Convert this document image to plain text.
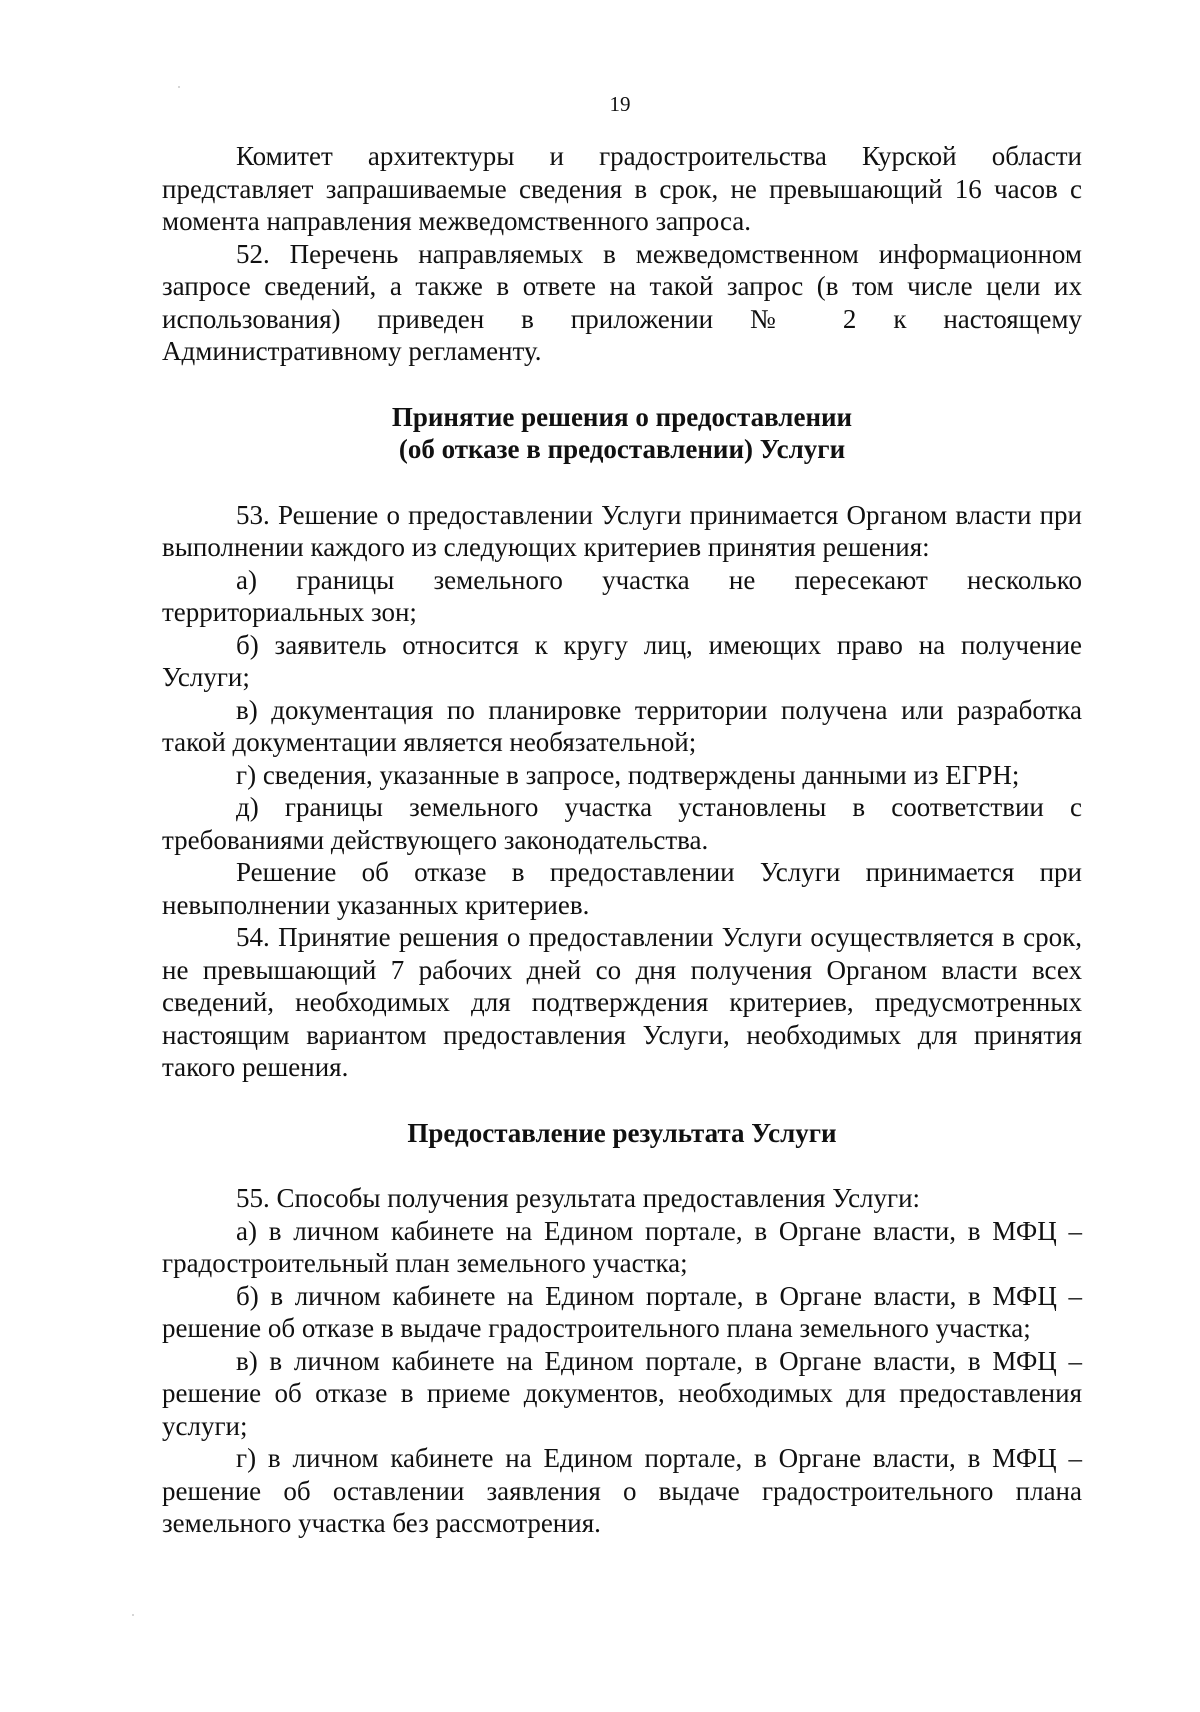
19

Комитет архитектуры и градостроительства Курской области представляет запрашиваемые сведения в срок, не превышающий 16 часов с момента направления межведомственного запроса.

52. Перечень направляемых в межведомственном информационном запросе сведений, а также в ответе на такой запрос (в том числе цели их использования) приведен в приложении № 2 к настоящему Административному регламенту.

Принятие решения о предоставлении

(об отказе в предоставлении) Услуги

53. Решение о предоставлении Услуги принимается Органом власти при выполнении каждого из следующих критериев принятия решения:

а) границы земельного участка не пересекают несколько территориальных зон;

б) заявитель относится к кругу лиц, имеющих право на получение Услуги;

в) документация по планировке территории получена или разработка такой документации является необязательной;

г) сведения, указанные в запросе, подтверждены данными из ЕГРН;

д) границы земельного участка установлены в соответствии с требованиями действующего законодательства.

Решение об отказе в предоставлении Услуги принимается при невыполнении указанных критериев.

54. Принятие решения о предоставлении Услуги осуществляется в срок, не превышающий 7 рабочих дней со дня получения Органом власти всех сведений, необходимых для подтверждения критериев, предусмотренных настоящим вариантом предоставления Услуги, необходимых для принятия такого решения.

Предоставление результата Услуги

55. Способы получения результата предоставления Услуги:

а) в личном кабинете на Едином портале, в Органе власти, в МФЦ – градостроительный план земельного участка;

б) в личном кабинете на Едином портале, в Органе власти, в МФЦ – решение об отказе в выдаче градостроительного плана земельного участка;

в) в личном кабинете на Едином портале, в Органе власти, в МФЦ – решение об отказе в приеме документов, необходимых для предоставления услуги;

г) в личном кабинете на Едином портале, в Органе власти, в МФЦ – решение об оставлении заявления о выдаче градостроительного плана земельного участка без рассмотрения.
